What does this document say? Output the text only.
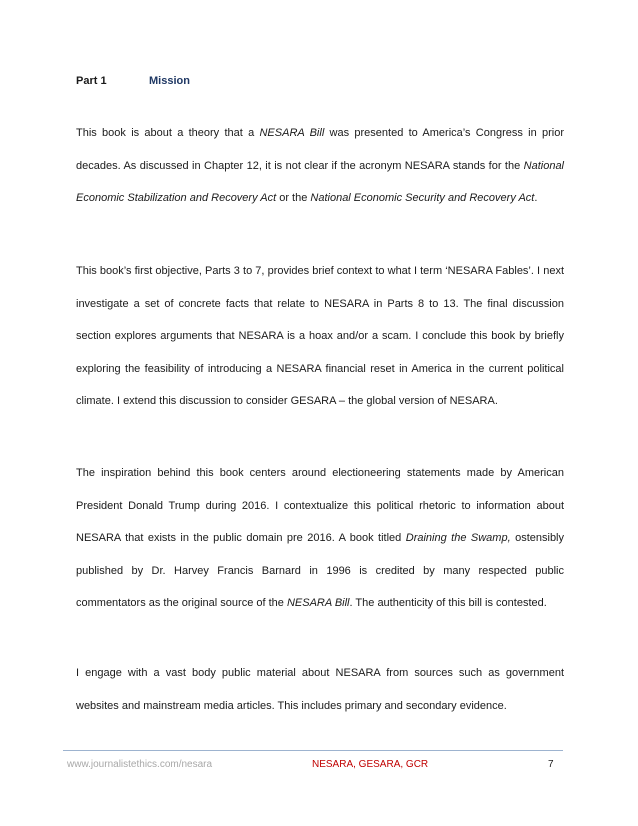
Part 1	Mission

This book is about a theory that a NESARA Bill was presented to America’s Congress in prior decades. As discussed in Chapter 12, it is not clear if the acronym NESARA stands for the National Economic Stabilization and Recovery Act or the National Economic Security and Recovery Act.

This book’s first objective, Parts 3 to 7, provides brief context to what I term ‘NESARA Fables’. I next investigate a set of concrete facts that relate to NESARA in Parts 8 to 13. The final discussion section explores arguments that NESARA is a hoax and/or a scam. I conclude this book by briefly exploring the feasibility of introducing a NESARA financial reset in America in the current political climate. I extend this discussion to consider GESARA – the global version of NESARA.

The inspiration behind this book centers around electioneering statements made by American President Donald Trump during 2016. I contextualize this political rhetoric to information about NESARA that exists in the public domain pre 2016. A book titled Draining the Swamp, ostensibly published by Dr. Harvey Francis Barnard in 1996 is credited by many respected public commentators as the original source of the NESARA Bill. The authenticity of this bill is contested.

I engage with a vast body public material about NESARA from sources such as government websites and mainstream media articles. This includes primary and secondary evidence.

www.journalistethics.com/nesara	NESARA, GESARA, GCR	7
